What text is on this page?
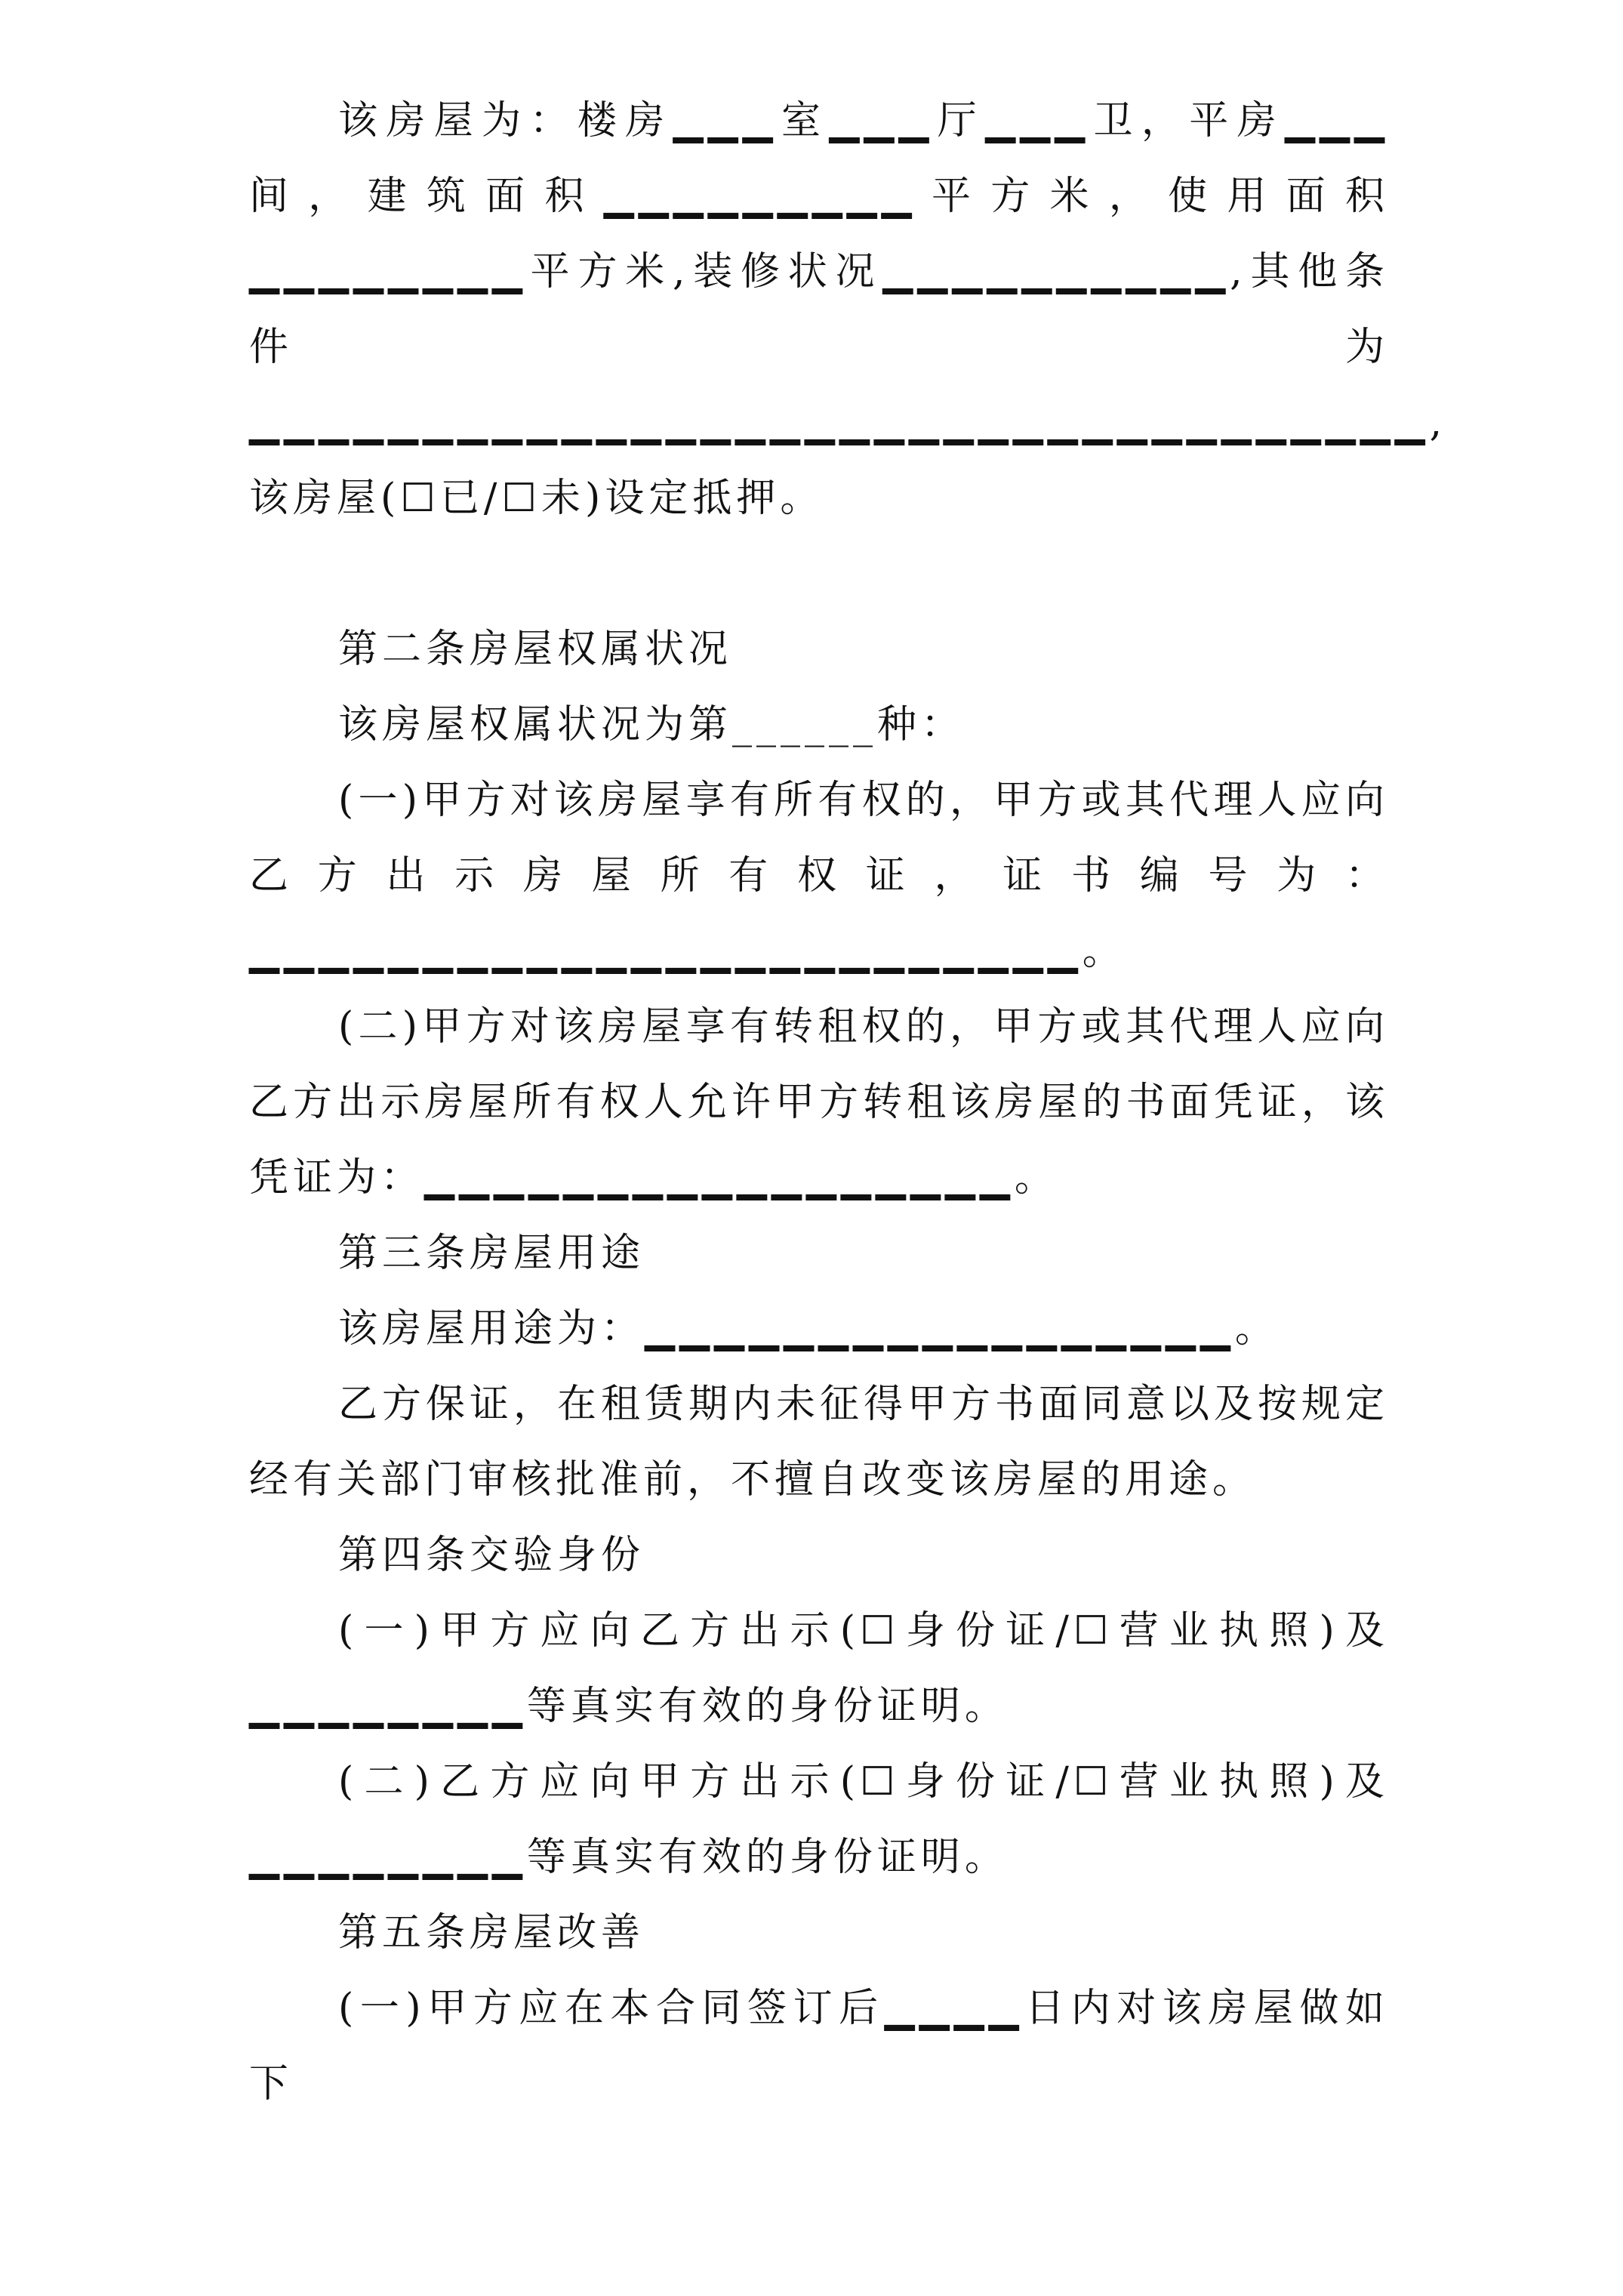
该房屋为：楼房▁▁▁室▁▁▁厅▁▁▁卫，平房▁▁▁间，建筑面积▁▁▁▁▁▁▁▁▁平方米，使用面积▁▁▁▁▁▁▁▁平方米,装修状况▁▁▁▁▁▁▁▁▁▁,其他条件为▁▁▁▁▁▁▁▁▁▁▁▁▁▁▁▁▁▁▁▁▁▁▁▁▁▁▁▁▁▁▁▁▁▁,该房屋(☐已/☐未)设定抵押。

第二条房屋权属状况

该房屋权属状况为第______种：

(一)甲方对该房屋享有所有权的，甲方或其代理人应向乙方出示房屋所有权证，证书编号为：▁▁▁▁▁▁▁▁▁▁▁▁▁▁▁▁▁▁▁▁▁▁▁▁。

(二)甲方对该房屋享有转租权的，甲方或其代理人应向乙方出示房屋所有权人允许甲方转租该房屋的书面凭证，该凭证为：▁▁▁▁▁▁▁▁▁▁▁▁▁▁▁▁▁。

第三条房屋用途

该房屋用途为：▁▁▁▁▁▁▁▁▁▁▁▁▁▁▁▁▁。

乙方保证，在租赁期内未征得甲方书面同意以及按规定经有关部门审核批准前，不擅自改变该房屋的用途。

第四条交验身份

(一)甲方应向乙方出示(☐身份证/☐营业执照)及▁▁▁▁▁▁▁▁等真实有效的身份证明。

(二)乙方应向甲方出示(☐身份证/☐营业执照)及▁▁▁▁▁▁▁▁等真实有效的身份证明。

第五条房屋改善

(一)甲方应在本合同签订后▁▁▁▁日内对该房屋做如下
